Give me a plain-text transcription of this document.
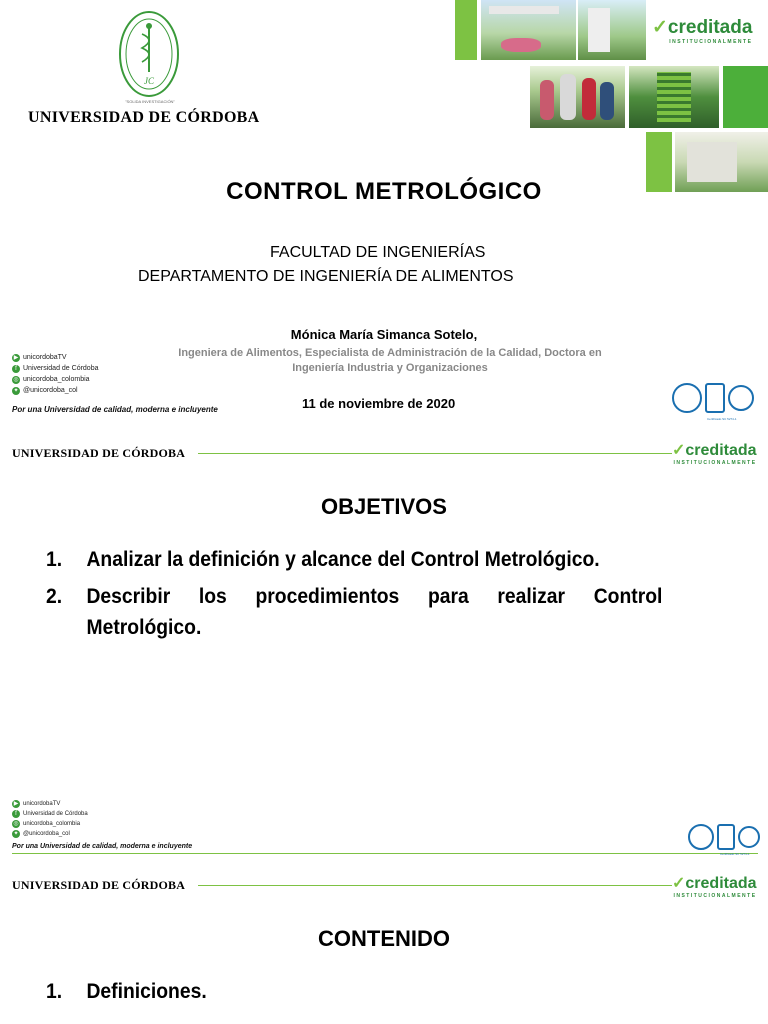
JC
"SOLIDA INVESTIGACIÓN"
UNIVERSIDAD DE CÓRDOBA
✓creditada
INSTITUCIONALMENTE
CONTROL METROLÓGICO
FACULTAD DE INGENIERÍAS
DEPARTAMENTO DE INGENIERÍA DE ALIMENTOS
Mónica María Simanca Sotelo,
Ingeniera de Alimentos, Especialista de Administración de la Calidad, Doctora en
Ingeniería Industria y Organizaciones
11 de noviembre de 2020
▶ unicordobaTV
f Universidad de Córdoba
◎ unicordoba_colombia
✦ @unicordoba_col
Por una Universidad de calidad, moderna e incluyente
Certificado SC 5274-1
UNIVERSIDAD DE CÓRDOBA	✓creditada
INSTITUCIONALMENTE
OBJETIVOS
1.	Analizar la definición y alcance del Control Metrológico.
2.	Describir los procedimientos para realizar Control Metrológico.
▶ unicordobaTV
f	Universidad de Córdoba
◎ unicordoba_colombia
✦ @unicordoba_col
Por una Universidad de calidad, moderna e incluyente
Certificado SC 5274-1
UNIVERSIDAD DE CÓRDOBA	✓creditada
INSTITUCIONALMENTE
CONTENIDO
1.	Definiciones.
